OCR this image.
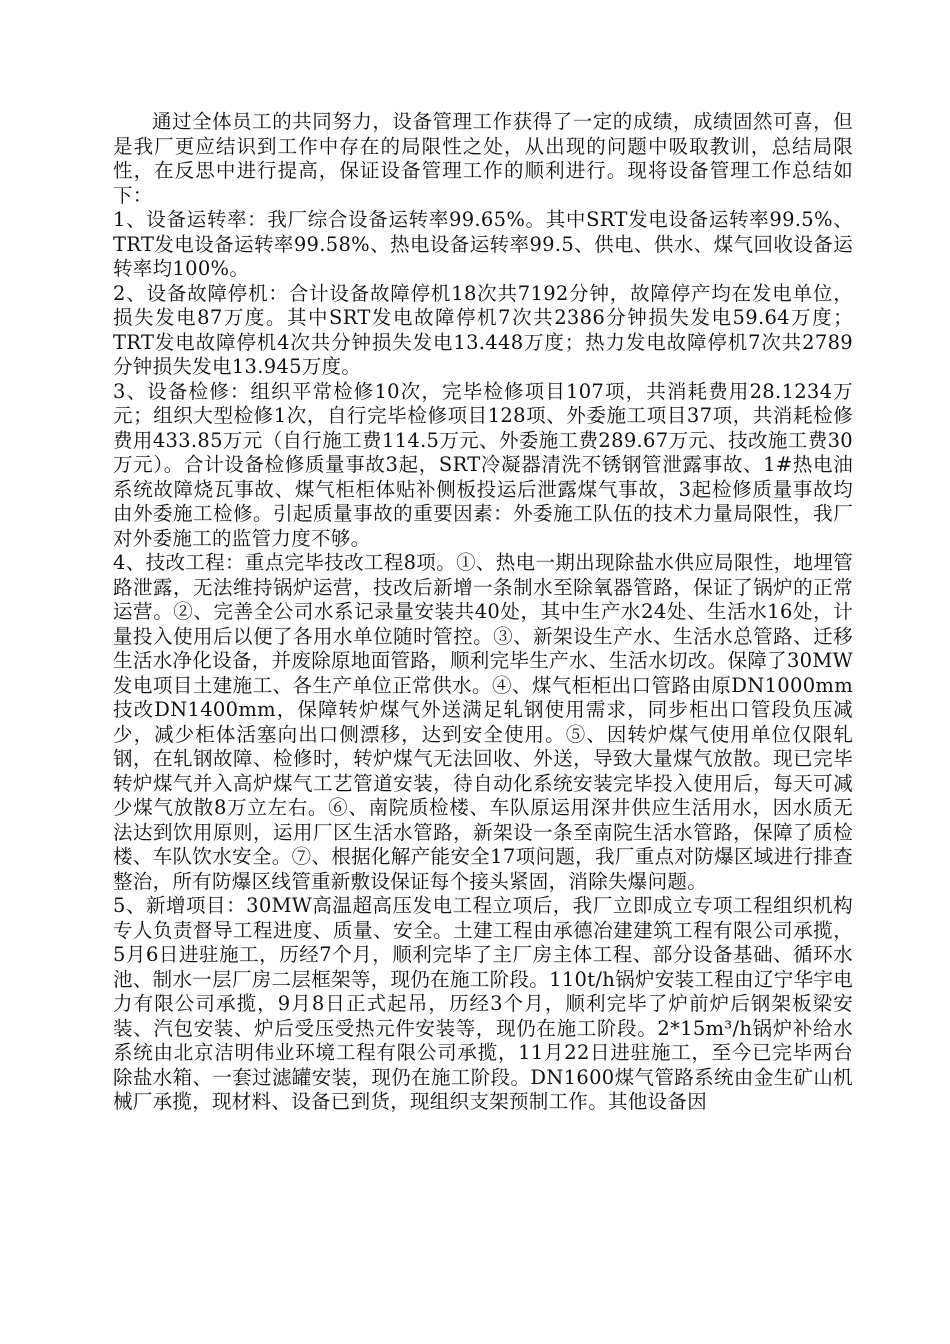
通过全体员工的共同努力，设备管理工作获得了一定的成绩，成绩固然可喜，但是我厂更应结识到工作中存在的局限性之处，从出现的问题中吸取教训，总结局限性，在反思中进行提高，保证设备管理工作的顺利进行。现将设备管理工作总结如下：

1、设备运转率：我厂综合设备运转率99.65%。其中SRT发电设备运转率99.5%、TRT发电设备运转率99.58%、热电设备运转率99.5、供电、供水、煤气回收设备运转率均100%。

2、设备故障停机：合计设备故障停机18次共7192分钟，故障停产均在发电单位，损失发电87万度。其中SRT发电故障停机7次共2386分钟损失发电59.64万度；TRT发电故障停机4次共分钟损失发电13.448万度；热力发电故障停机7次共2789分钟损失发电13.945万度。

3、设备检修：组织平常检修10次，完毕检修项目107项，共消耗费用28.1234万元；组织大型检修1次，自行完毕检修项目128项、外委施工项目37项，共消耗检修费用433.85万元（自行施工费114.5万元、外委施工费289.67万元、技改施工费30万元）。合计设备检修质量事故3起，SRT冷凝器清洗不锈钢管泄露事故、1#热电油系统故障烧瓦事故、煤气柜柜体贴补侧板投运后泄露煤气事故，3起检修质量事故均由外委施工检修。引起质量事故的重要因素：外委施工队伍的技术力量局限性，我厂对外委施工的监管力度不够。

4、技改工程：重点完毕技改工程8项。①、热电一期出现除盐水供应局限性，地埋管路泄露，无法维持锅炉运营，技改后新增一条制水至除氧器管路，保证了锅炉的正常运营。②、完善全公司水系记录量安装共40处，其中生产水24处、生活水16处，计量投入使用后以便了各用水单位随时管控。③、新架设生产水、生活水总管路、迁移生活水净化设备，并废除原地面管路，顺利完毕生产水、生活水切改。保障了30MW发电项目土建施工、各生产单位正常供水。④、煤气柜柜出口管路由原DN1000mm技改DN1400mm，保障转炉煤气外送满足轧钢使用需求，同步柜出口管段负压减少，减少柜体活塞向出口侧漂移，达到安全使用。⑤、因转炉煤气使用单位仅限轧钢，在轧钢故障、检修时，转炉煤气无法回收、外送，导致大量煤气放散。现已完毕转炉煤气并入高炉煤气工艺管道安装，待自动化系统安装完毕投入使用后，每天可减少煤气放散8万立左右。⑥、南院质检楼、车队原运用深井供应生活用水，因水质无法达到饮用原则，运用厂区生活水管路，新架设一条至南院生活水管路，保障了质检楼、车队饮水安全。⑦、根据化解产能安全17项问题，我厂重点对防爆区域进行排查整治，所有防爆区线管重新敷设保证每个接头紧固，消除失爆问题。

5、新增项目：30MW高温超高压发电工程立项后，我厂立即成立专项工程组织机构专人负责督导工程进度、质量、安全。土建工程由承德冶建建筑工程有限公司承揽，5月6日进驻施工，历经7个月，顺利完毕了主厂房主体工程、部分设备基础、循环水池、制水一层厂房二层框架等，现仍在施工阶段。110t/h锅炉安装工程由辽宁华宇电力有限公司承揽，9月8日正式起吊，历经3个月，顺利完毕了炉前炉后钢架板梁安装、汽包安装、炉后受压受热元件安装等，现仍在施工阶段。2*15m³/h锅炉补给水系统由北京洁明伟业环境工程有限公司承揽，11月22日进驻施工，至今已完毕两台除盐水箱、一套过滤罐安装，现仍在施工阶段。DN1600煤气管路系统由金生矿山机械厂承揽，现材料、设备已到货，现组织支架预制工作。其他设备因
